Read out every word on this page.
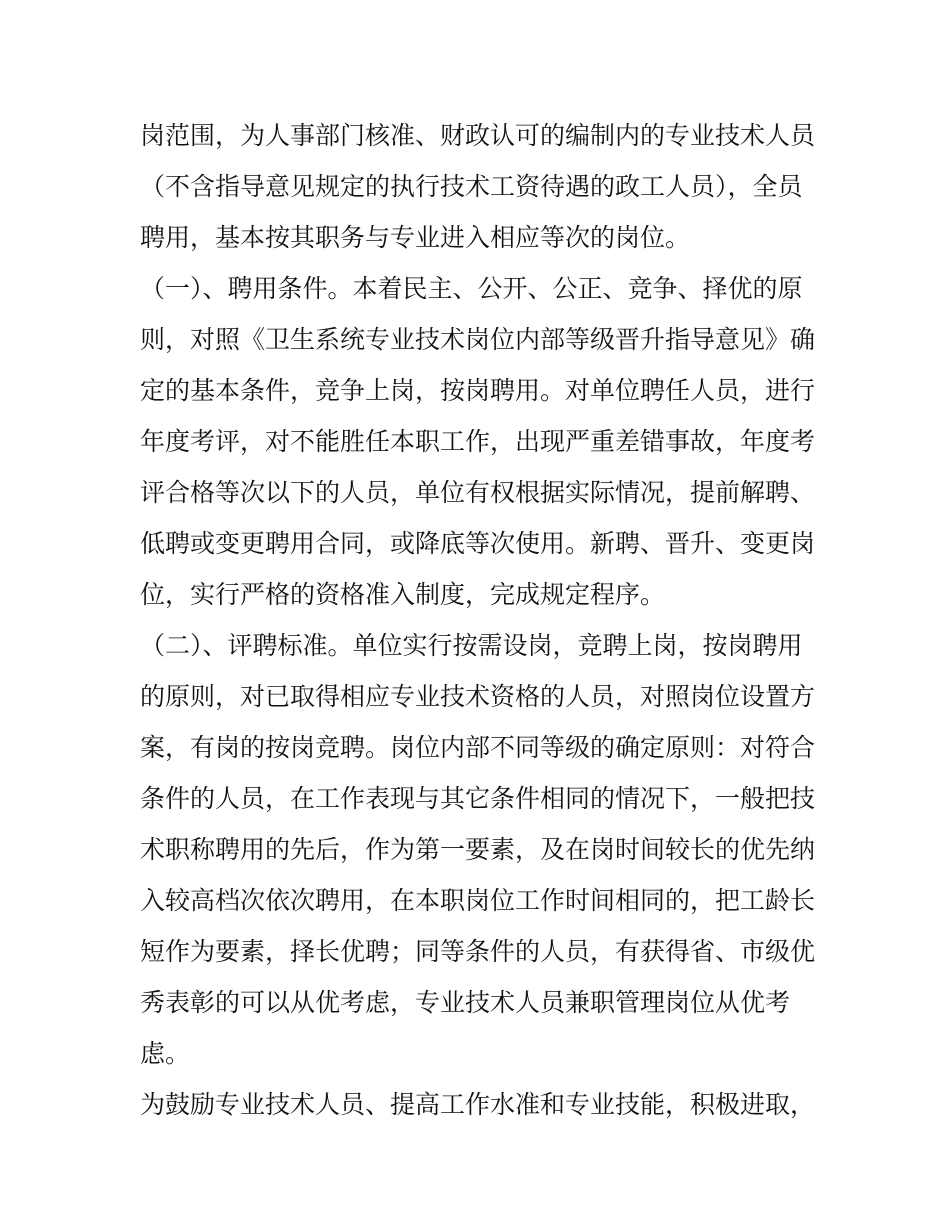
岗范围，为人事部门核准、财政认可的编制内的专业技术人员
（不含指导意见规定的执行技术工资待遇的政工人员），全员
聘用，基本按其职务与专业进入相应等次的岗位。
（一）、聘用条件。本着民主、公开、公正、竞争、择优的原
则，对照《卫生系统专业技术岗位内部等级晋升指导意见》确
定的基本条件，竞争上岗，按岗聘用。对单位聘任人员，进行
年度考评，对不能胜任本职工作，出现严重差错事故，年度考
评合格等次以下的人员，单位有权根据实际情况，提前解聘、
低聘或变更聘用合同，或降底等次使用。新聘、晋升、变更岗
位，实行严格的资格准入制度，完成规定程序。
（二）、评聘标准。单位实行按需设岗，竞聘上岗，按岗聘用
的原则，对已取得相应专业技术资格的人员，对照岗位设置方
案，有岗的按岗竞聘。岗位内部不同等级的确定原则：对符合
条件的人员，在工作表现与其它条件相同的情况下，一般把技
术职称聘用的先后，作为第一要素，及在岗时间较长的优先纳
入较高档次依次聘用，在本职岗位工作时间相同的，把工龄长
短作为要素，择长优聘；同等条件的人员，有获得省、市级优
秀表彰的可以从优考虑，专业技术人员兼职管理岗位从优考
虑。
为鼓励专业技术人员、提高工作水准和专业技能，积极进取，
